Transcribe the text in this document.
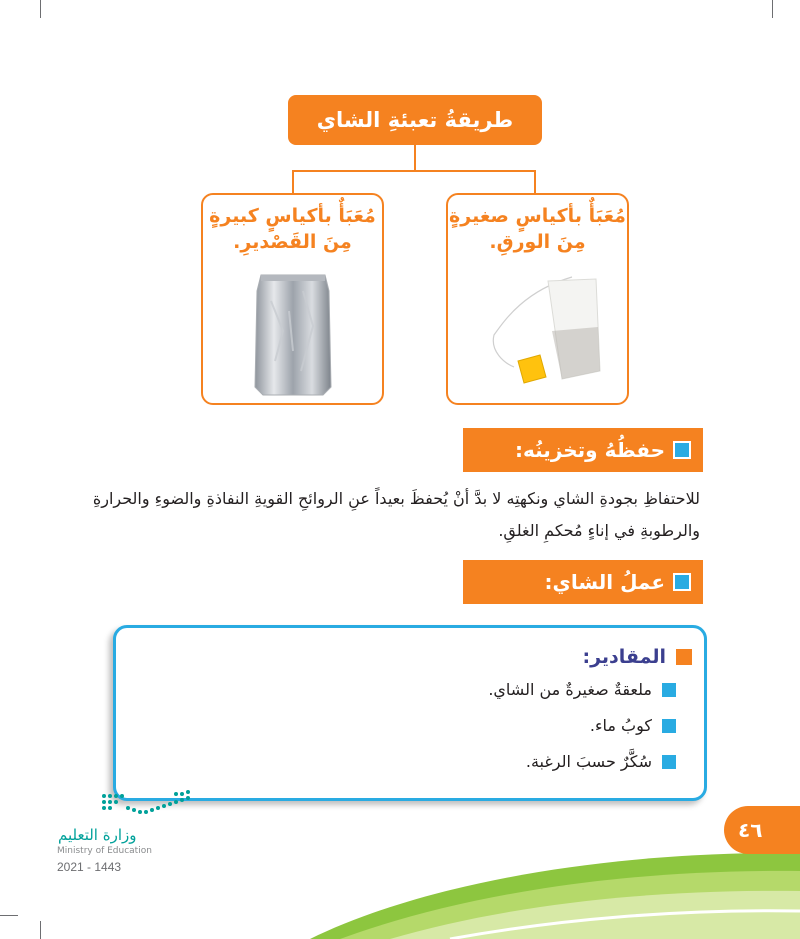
طريقةُ تعبئةِ الشاي
مُعَبَأٌ بأكياسٍ كبيرةٍ
مِنَ القَصْديرِ.
مُعَبَأٌ بأكياسٍ صغيرةٍ
مِنَ الورقِ.
حفظُهُ وتخزينُه:
للاحتفاظِ بجودةِ الشاي ونكهتِه لا بدَّ أنْ يُحفظَ بعيداً عنِ الروائحِ القويةِ النفاذةِ والضوءِ والحرارةِ
والرطوبةِ في إناءٍ مُحكمِ الغلقِ.
عملُ الشاي:
المقادير:
ملعقةٌ صغيرةٌ من الشاي.
كوبُ ماء.
سُكَّرٌ حسبَ الرغبة.
٤٦
وزارة التعليم
Ministry of Education
2021 - 1443
